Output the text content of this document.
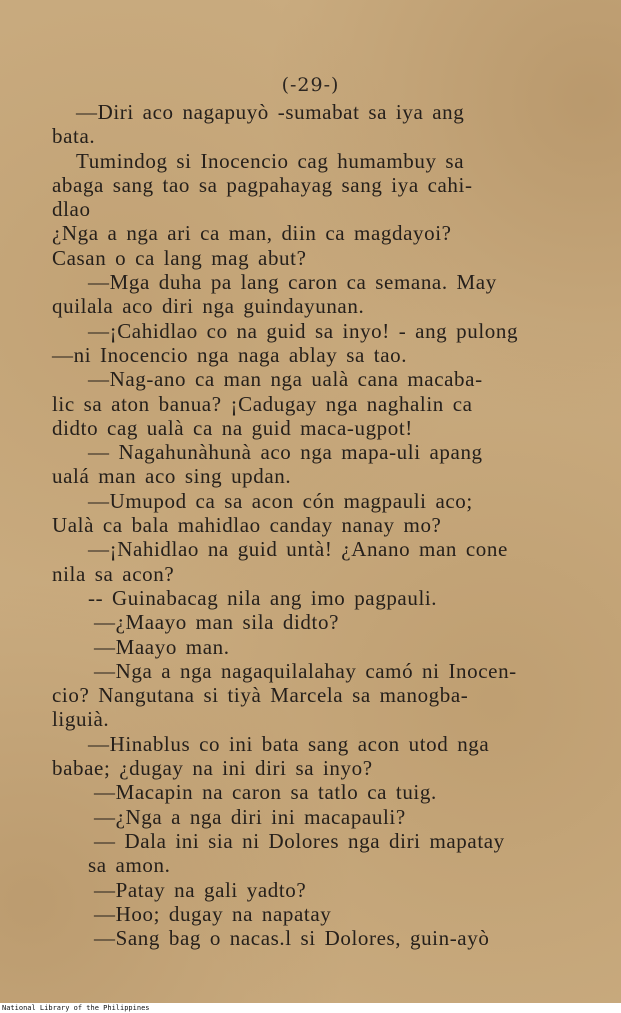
(-29-)
—Diri aco nagapuyò -sumabat sa iya ang
bata.
Tumindog si Inocencio cag humambuy sa
abaga sang tao sa pagpahayag sang iya cahi-
dlao
¿Nga a nga ari ca man, diin ca magdayoi?
Casan o ca lang mag abut?
—Mga duha pa lang caron ca semana. May
quilala aco diri nga guindayunan.
—¡Cahidlao co na guid sa inyo! - ang pulong
—ni Inocencio nga naga ablay sa tao.
—Nag-ano ca man nga ualà cana macaba-
lic sa aton banua? ¡Cadugay nga naghalin ca
didto cag ualà ca na guid maca-ugpot!
— Nagahunàhunà aco nga mapa-uli apang
ualá man aco sing updan.
—Umupod ca sa acon cón magpauli aco;
Ualà ca bala mahidlao canday nanay mo?
—¡Nahidlao na guid untà! ¿Anano man cone
nila sa acon?
-- Guinabacag nila ang imo pagpauli.
—¿Maayo man sila didto?
—Maayo man.
—Nga a nga nagaquilalahay camó ni Inocen-
cio? Nangutana si tiyà Marcela sa manogba-
liguià.
—Hinablus co ini bata sang acon utod nga
babae; ¿dugay na ini diri sa inyo?
—Macapin na caron sa tatlo ca tuig.
—¿Nga a nga diri ini macapauli?
— Dala ini sia ni Dolores nga diri mapatay
sa amon.
—Patay na gali yadto?
—Hoo; dugay na napatay
—Sang bag o nacas.l si Dolores, guin-ayò
National Library of the Philippines
